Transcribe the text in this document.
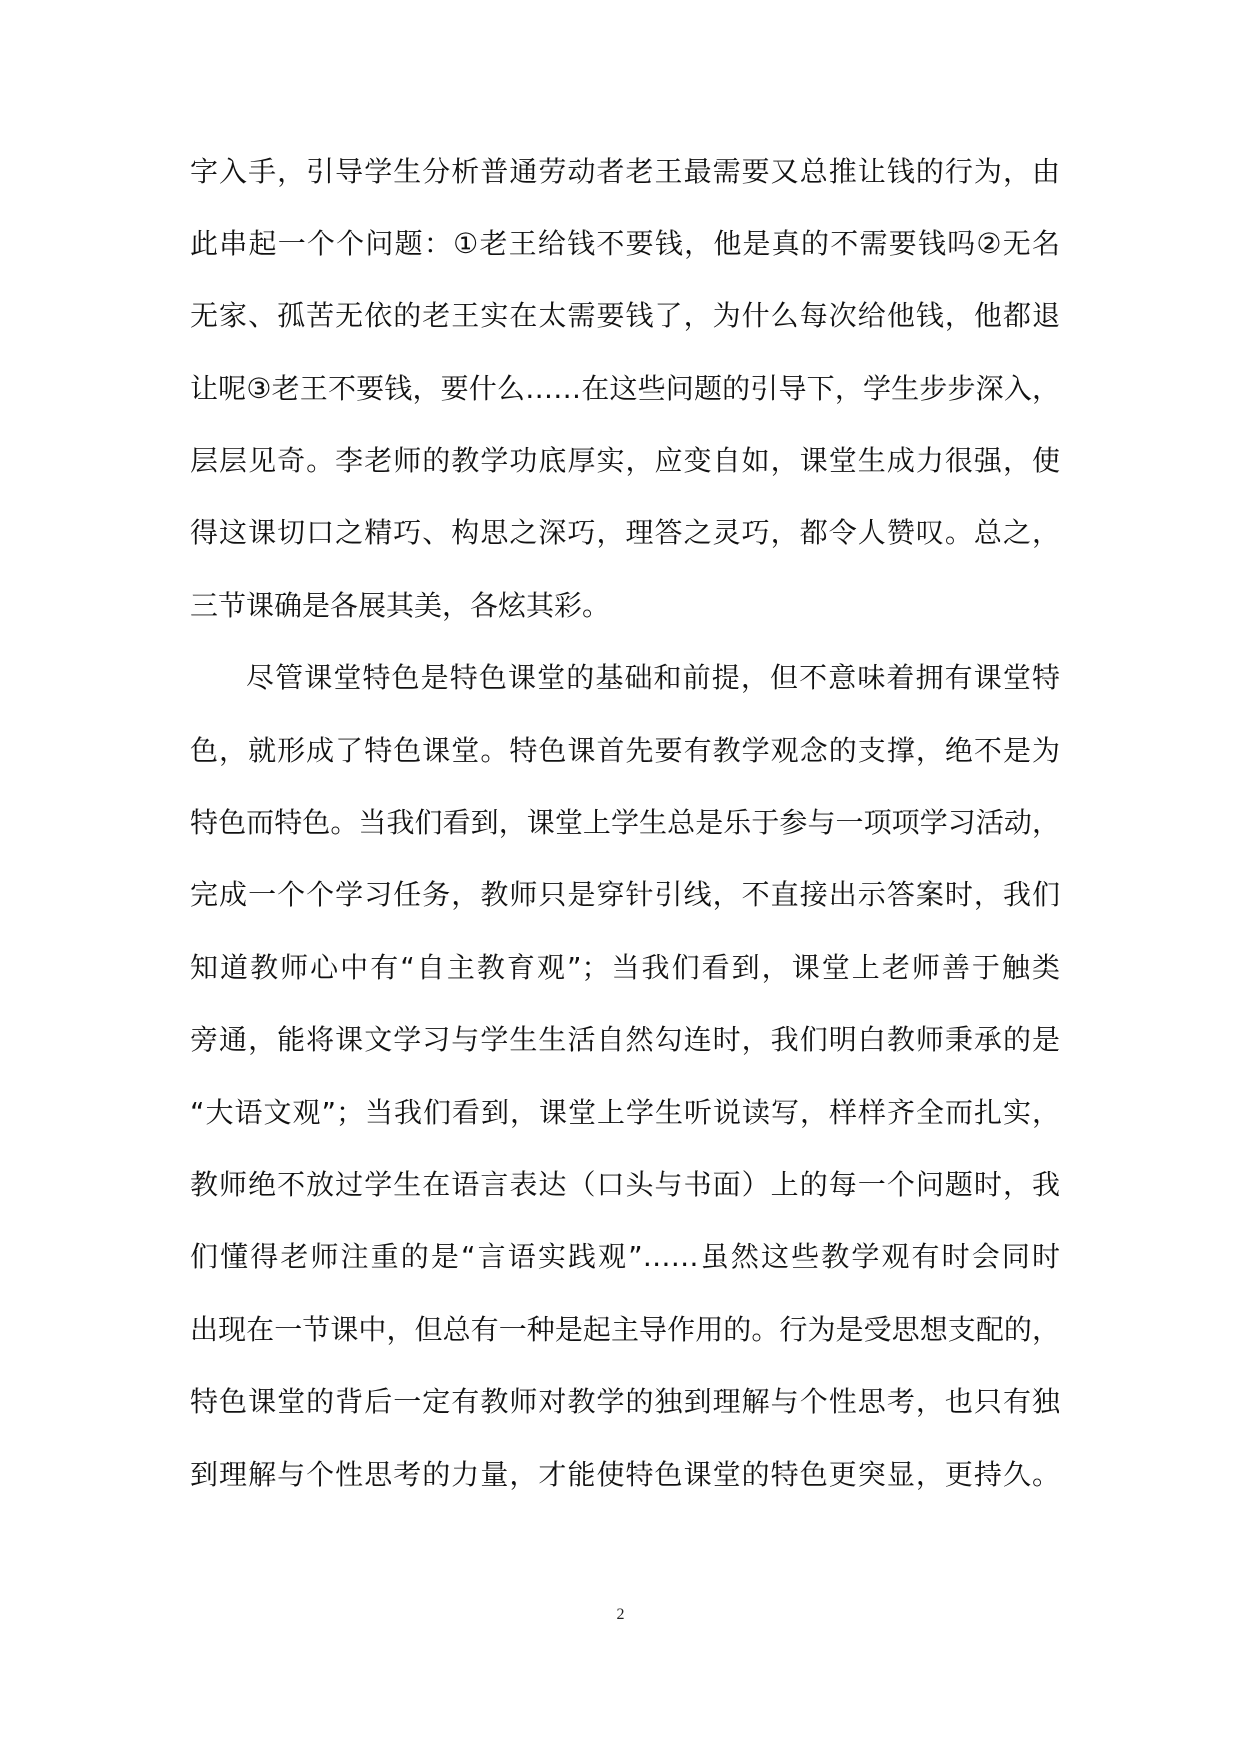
字入手，引导学生分析普通劳动者老王最需要又总推让钱的行为，由
此串起一个个问题：①老王给钱不要钱，他是真的不需要钱吗②无名
无家、孤苦无依的老王实在太需要钱了，为什么每次给他钱，他都退
让呢③老王不要钱，要什么……在这些问题的引导下，学生步步深入，
层层见奇。李老师的教学功底厚实，应变自如，课堂生成力很强，使
得这课切口之精巧、构思之深巧，理答之灵巧，都令人赞叹。总之，
三节课确是各展其美，各炫其彩。
尽管课堂特色是特色课堂的基础和前提，但不意味着拥有课堂特
色，就形成了特色课堂。特色课首先要有教学观念的支撑，绝不是为
特色而特色。当我们看到，课堂上学生总是乐于参与一项项学习活动，
完成一个个学习任务，教师只是穿针引线，不直接出示答案时，我们
知道教师心中有“自主教育观”；当我们看到，课堂上老师善于触类
旁通，能将课文学习与学生生活自然勾连时，我们明白教师秉承的是
“大语文观”；当我们看到，课堂上学生听说读写，样样齐全而扎实，
教师绝不放过学生在语言表达（口头与书面）上的每一个问题时，我
们懂得老师注重的是“言语实践观”……虽然这些教学观有时会同时
出现在一节课中，但总有一种是起主导作用的。行为是受思想支配的，
特色课堂的背后一定有教师对教学的独到理解与个性思考，也只有独
到理解与个性思考的力量，才能使特色课堂的特色更突显，更持久。
2
